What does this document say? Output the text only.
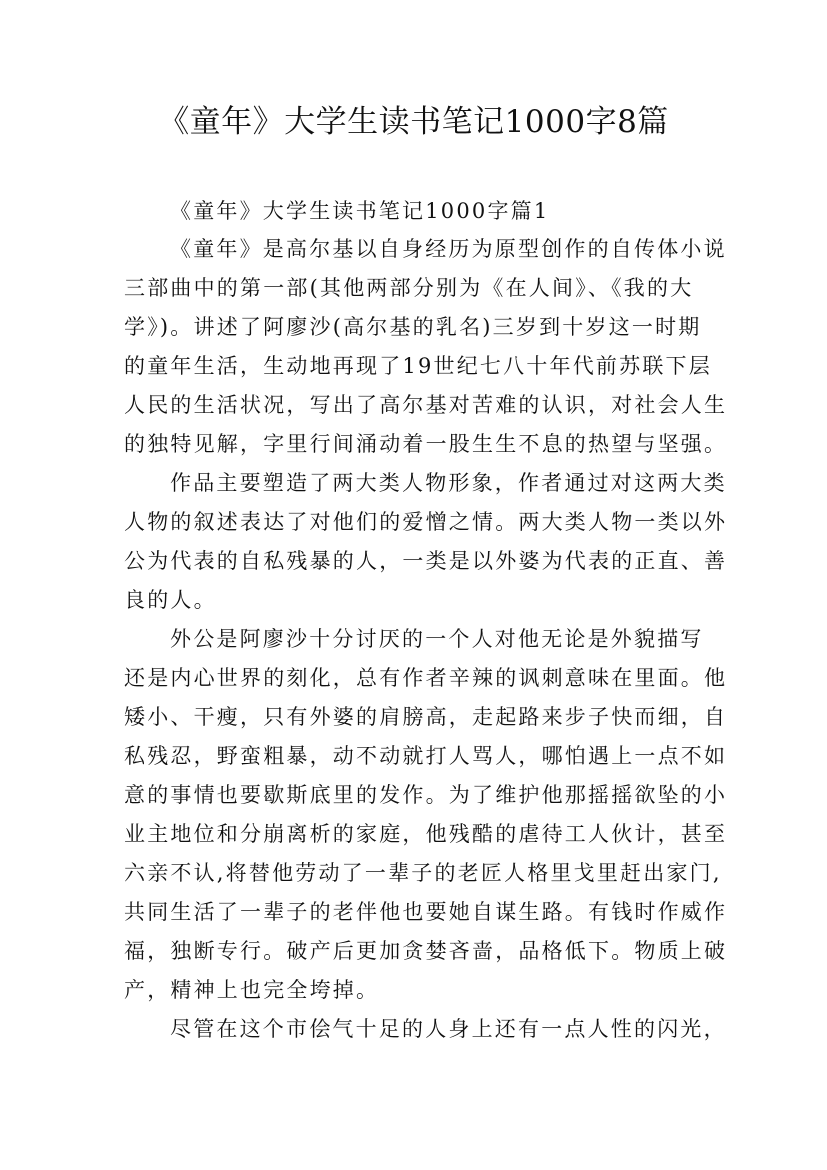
《童年》大学生读书笔记1000字8篇
《童年》大学生读书笔记1000字篇1
《童年》是高尔基以自身经历为原型创作的自传体小说
三部曲中的第一部(其他两部分别为《在人间》、《我的大
学》)。讲述了阿廖沙(高尔基的乳名)三岁到十岁这一时期
的童年生活，生动地再现了19世纪七八十年代前苏联下层
人民的生活状况，写出了高尔基对苦难的认识，对社会人生
的独特见解，字里行间涌动着一股生生不息的热望与坚强。
作品主要塑造了两大类人物形象，作者通过对这两大类
人物的叙述表达了对他们的爱憎之情。两大类人物一类以外
公为代表的自私残暴的人，一类是以外婆为代表的正直、善
良的人。
外公是阿廖沙十分讨厌的一个人对他无论是外貌描写
还是内心世界的刻化，总有作者辛辣的讽刺意味在里面。他
矮小、干瘦，只有外婆的肩膀高，走起路来步子快而细，自
私残忍，野蛮粗暴，动不动就打人骂人，哪怕遇上一点不如
意的事情也要歇斯底里的发作。为了维护他那摇摇欲坠的小
业主地位和分崩离析的家庭，他残酷的虐待工人伙计，甚至
六亲不认,将替他劳动了一辈子的老匠人格里戈里赶出家门,
共同生活了一辈子的老伴他也要她自谋生路。有钱时作威作
福，独断专行。破产后更加贪婪吝啬，品格低下。物质上破
产，精神上也完全垮掉。
尽管在这个市侩气十足的人身上还有一点人性的闪光，
